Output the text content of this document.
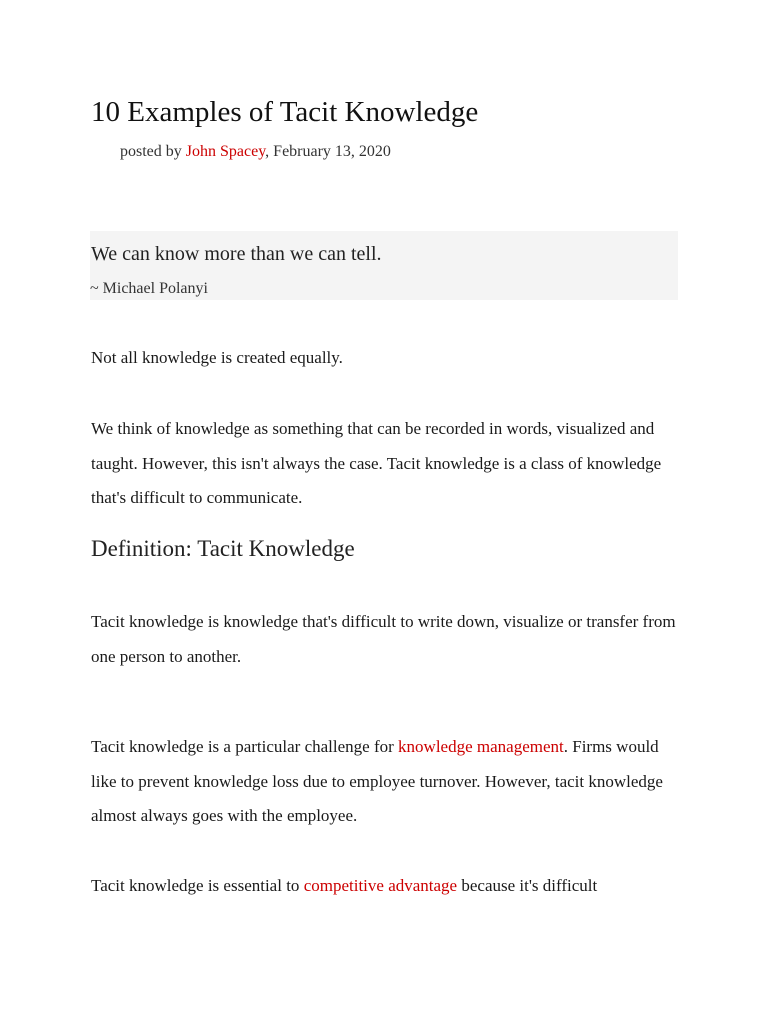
10 Examples of Tacit Knowledge
posted by John Spacey, February 13, 2020
We can know more than we can tell.
~ Michael Polanyi

Not all knowledge is created equally.

We think of knowledge as something that can be recorded in words, visualized and taught. However, this isn't always the case. Tacit knowledge is a class of knowledge that's difficult to communicate.

Definition: Tacit Knowledge

Tacit knowledge is knowledge that's difficult to write down, visualize or transfer from one person to another.

Tacit knowledge is a particular challenge for knowledge management. Firms would like to prevent knowledge loss due to employee turnover. However, tacit knowledge almost always goes with the employee.

Tacit knowledge is essential to competitive advantage because it's difficult
